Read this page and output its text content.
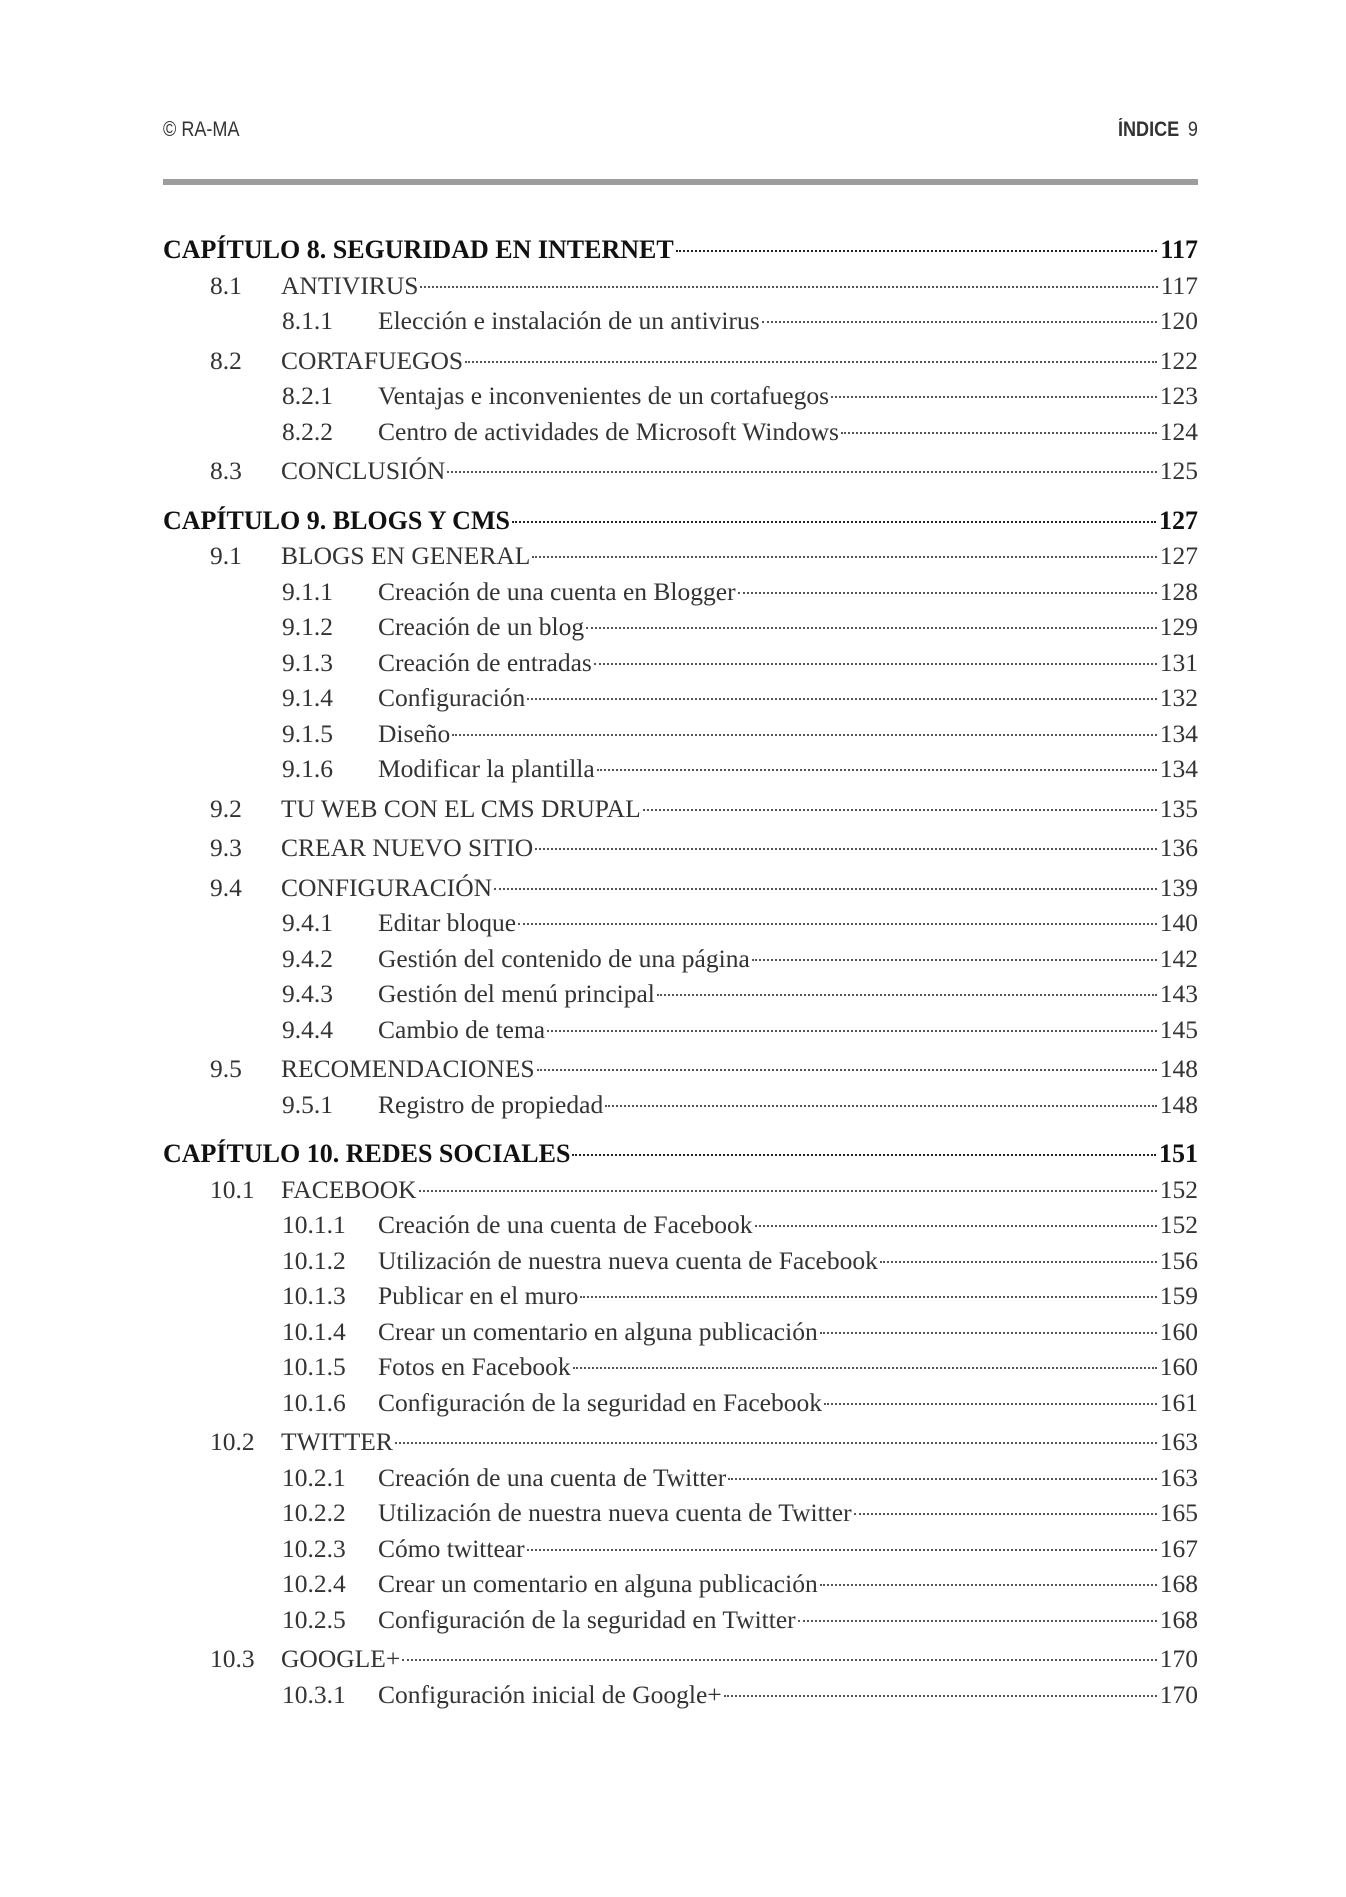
© RA-MA	ÍNDICE 9
CAPÍTULO 8. SEGURIDAD EN INTERNET	117
8.1	ANTIVIRUS	117
8.1.1	Elección e instalación de un antivirus	120
8.2	CORTAFUEGOS	122
8.2.1	Ventajas e inconvenientes de un cortafuegos	123
8.2.2	Centro de actividades de Microsoft Windows	124
8.3	CONCLUSIÓN	125
CAPÍTULO 9. BLOGS Y CMS	127
9.1	BLOGS EN GENERAL	127
9.1.1	Creación de una cuenta en Blogger	128
9.1.2	Creación de un blog	129
9.1.3	Creación de entradas	131
9.1.4	Configuración	132
9.1.5	Diseño	134
9.1.6	Modificar la plantilla	134
9.2	TU WEB CON EL CMS DRUPAL	135
9.3	CREAR NUEVO SITIO	136
9.4	CONFIGURACIÓN	139
9.4.1	Editar bloque	140
9.4.2	Gestión del contenido de una página	142
9.4.3	Gestión del menú principal	143
9.4.4	Cambio de tema	145
9.5	RECOMENDACIONES	148
9.5.1	Registro de propiedad	148
CAPÍTULO 10. REDES SOCIALES	151
10.1	FACEBOOK	152
10.1.1	Creación de una cuenta de Facebook	152
10.1.2	Utilización de nuestra nueva cuenta de Facebook	156
10.1.3	Publicar en el muro	159
10.1.4	Crear un comentario en alguna publicación	160
10.1.5	Fotos en Facebook	160
10.1.6	Configuración de la seguridad en Facebook	161
10.2	TWITTER	163
10.2.1	Creación de una cuenta de Twitter	163
10.2.2	Utilización de nuestra nueva cuenta de Twitter	165
10.2.3	Cómo twittear	167
10.2.4	Crear un comentario en alguna publicación	168
10.2.5	Configuración de la seguridad en Twitter	168
10.3	GOOGLE+	170
10.3.1	Configuración inicial de Google+	170
